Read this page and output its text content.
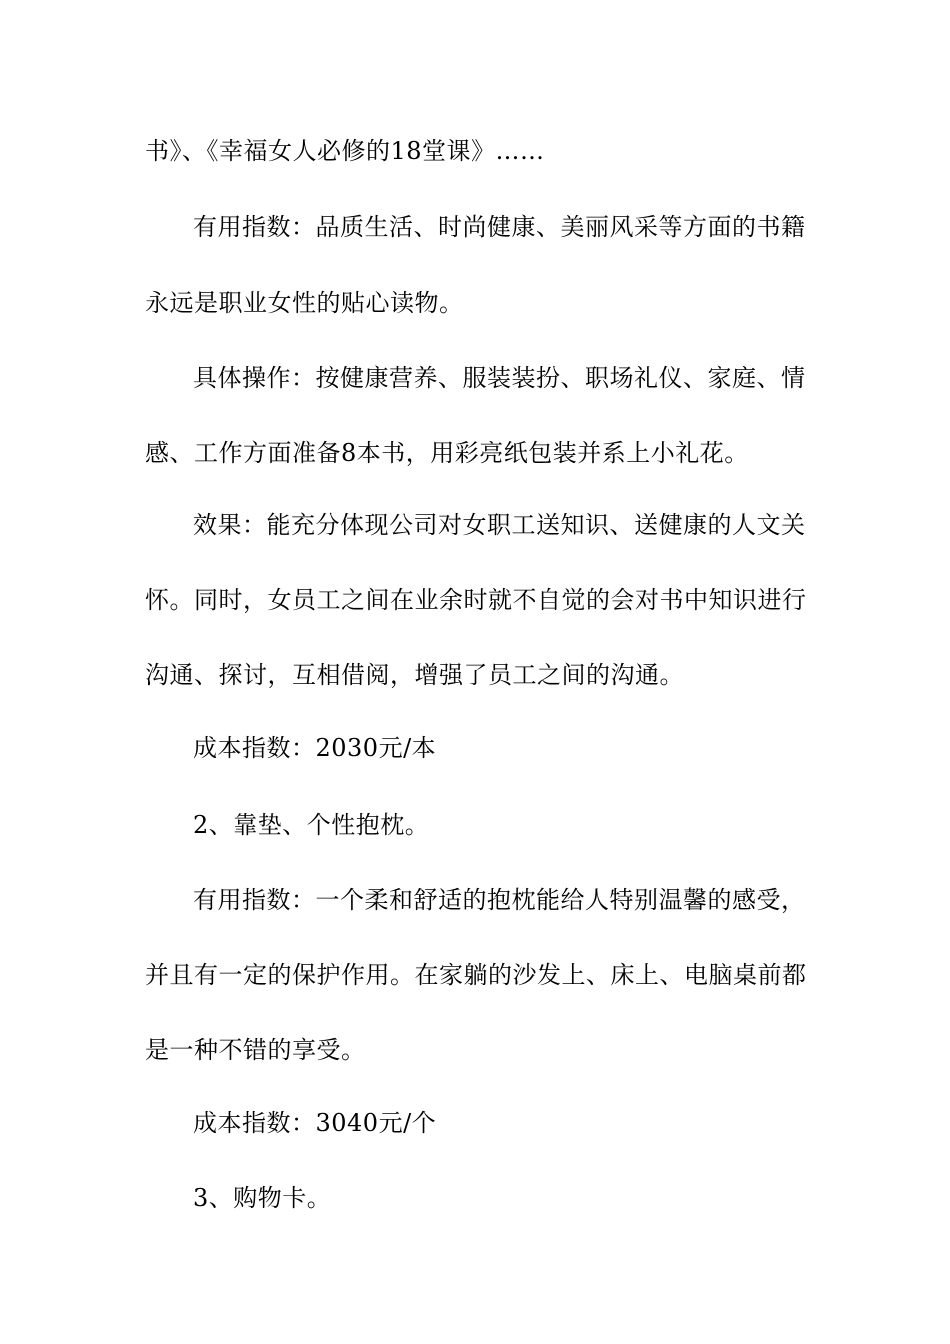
书》、《幸福女人必修的18堂课》……
有用指数：品质生活、时尚健康、美丽风采等方面的书籍
永远是职业女性的贴心读物。
具体操作：按健康营养、服装装扮、职场礼仪、家庭、情
感、工作方面准备8本书，用彩亮纸包装并系上小礼花。
效果：能充分体现公司对女职工送知识、送健康的人文关
怀。同时，女员工之间在业余时就不自觉的会对书中知识进行
沟通、探讨，互相借阅，增强了员工之间的沟通。
成本指数：2030元/本
2、靠垫、个性抱枕。
有用指数：一个柔和舒适的抱枕能给人特别温馨的感受，
并且有一定的保护作用。在家躺的沙发上、床上、电脑桌前都
是一种不错的享受。
成本指数：3040元/个
3、购物卡。
